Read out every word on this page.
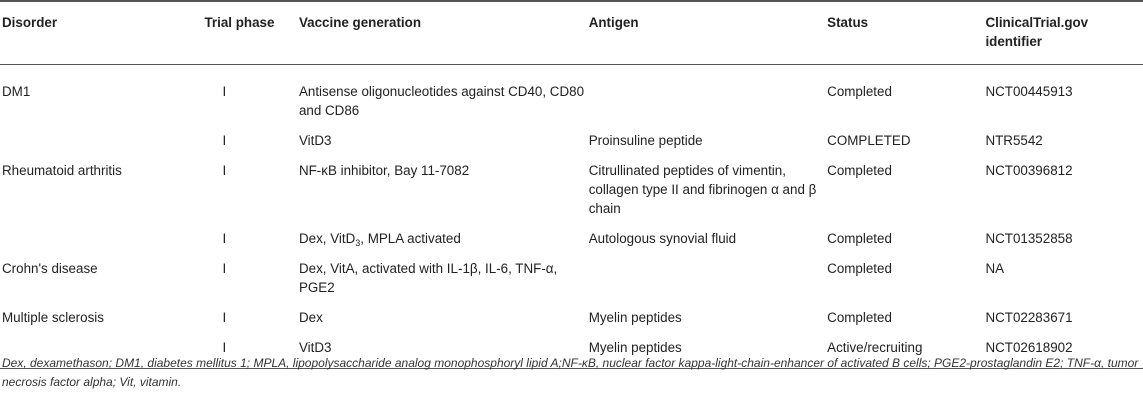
Disorder	Trial phase	Vaccine generation	Antigen	Status	ClinicalTrial.gov identifier
DM1	I	Antisense oligonucleotides against CD40, CD80 and CD86		Completed	NCT00445913
	I	VitD3	Proinsuline peptide	COMPLETED	NTR5542
Rheumatoid arthritis	I	NF-κB inhibitor, Bay 11-7082	Citrullinated peptides of vimentin, collagen type II and fibrinogen α and β chain	Completed	NCT00396812
	I	Dex, VitD$_3$, MPLA activated	Autologous synovial fluid	Completed	NCT01352858
Crohn's disease	I	Dex, VitA, activated with IL-1β, IL-6, TNF-α, PGE2		Completed	NA
Multiple sclerosis	I	Dex	Myelin peptides	Completed	NCT02283671
	I	VitD3	Myelin peptides	Active/recruiting	NCT02618902
Dex, dexamethason; DM1, diabetes mellitus 1; MPLA, lipopolysaccharide analog monophosphoryl lipid A;NF-κB, nuclear factor kappa-light-chain-enhancer of activated B cells; PGE2-prostaglandin E2; TNF-α, tumor necrosis factor alpha; Vit, vitamin.
